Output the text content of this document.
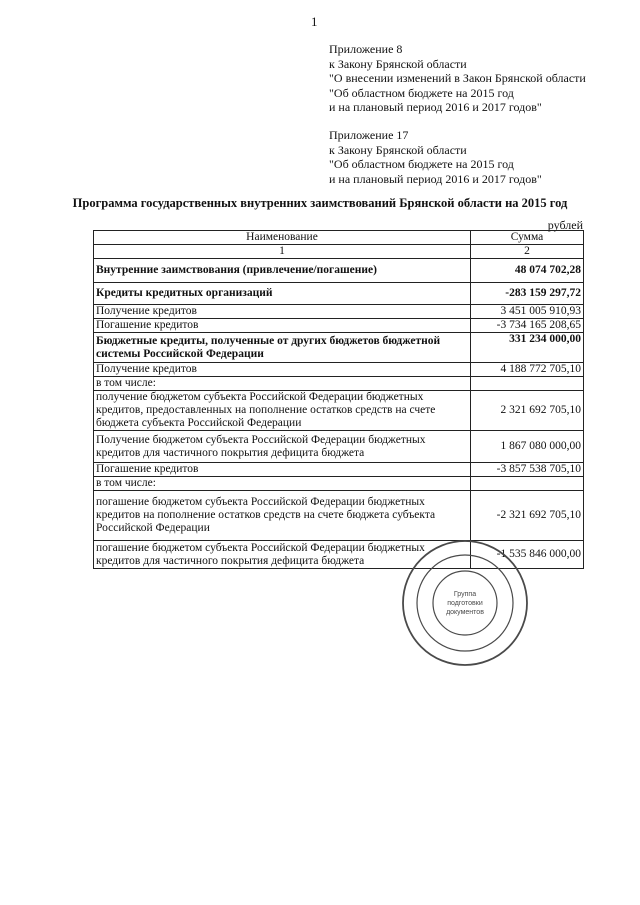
1
Приложение 8
к Закону Брянской области
"О внесении изменений в Закон Брянской области
"Об областном бюджете на 2015 год
и на плановый период 2016 и 2017 годов"
Приложение 17
к Закону Брянской области
"Об областном бюджете на 2015 год
и на плановый период 2016 и 2017 годов"
Программа государственных внутренних заимствований Брянской области на 2015 год
рублей
Наименование	Сумма
1	2
Внутренние заимствования (привлечение/погашение)	48 074 702,28
Кредиты кредитных организаций	-283 159 297,72
Получение кредитов	3 451 005 910,93
Погашение кредитов	-3 734 165 208,65
Бюджетные кредиты, полученные от других бюджетов бюджетной системы Российской Федерации	331 234 000,00
Получение кредитов	4 188 772 705,10
в том числе:	
получение бюджетом субъекта Российской Федерации бюджетных кредитов, предоставленных на пополнение остатков средств на счете бюджета субъекта Российской Федерации	2 321 692 705,10
Получение бюджетом субъекта Российской Федерации бюджетных кредитов для частичного покрытия дефицита бюджета	1 867 080 000,00
Погашение кредитов	-3 857 538 705,10
в том числе:	
погашение бюджетом субъекта Российской Федерации бюджетных кредитов на пополнение остатков средств на счете бюджета субъекта Российской Федерации	-2 321 692 705,10
погашение бюджетом субъекта Российской Федерации бюджетных кредитов для частичного покрытия дефицита бюджета	-1 535 846 000,00
Группа
подготовки
документов
